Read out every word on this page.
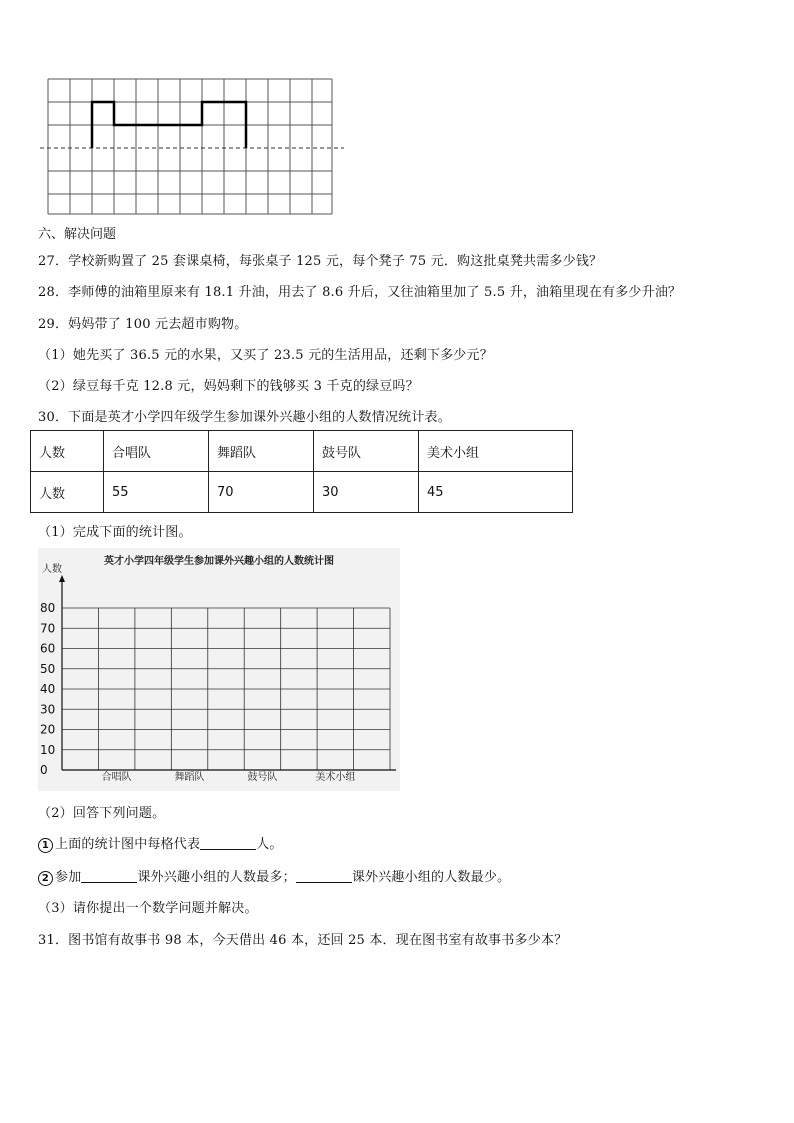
六、解决问题
27．学校新购置了 25 套课桌椅，每张桌子 125 元，每个凳子 75 元．购这批桌凳共需多少钱？
28．李师傅的油箱里原来有 18.1 升油，用去了 8.6 升后，又往油箱里加了 5.5 升，油箱里现在有多少升油？
29．妈妈带了 100 元去超市购物。
（1）她先买了 36.5 元的水果，又买了 23.5 元的生活用品，还剩下多少元？
（2）绿豆每千克 12.8 元，妈妈剩下的钱够买 3 千克的绿豆吗？
30．下面是英才小学四年级学生参加课外兴趣小组的人数情况统计表。
人数	合唱队	舞蹈队	鼓号队	美术小组
人数	55	70	30	45
（1）完成下面的统计图。
英才小学四年级学生参加课外兴趣小组的人数统计图
人数
80
70
60
50
40
30
20
10
0
合唱队	舞蹈队	鼓号队	美术小组
（2）回答下列问题。
1 上面的统计图中每格代表	人。
2 参加	课外兴趣小组的人数最多；	课外兴趣小组的人数最少。
（3）请你提出一个数学问题并解决。
31．图书馆有故事书 98 本，今天借出 46 本，还回 25 本．现在图书室有故事书多少本？
